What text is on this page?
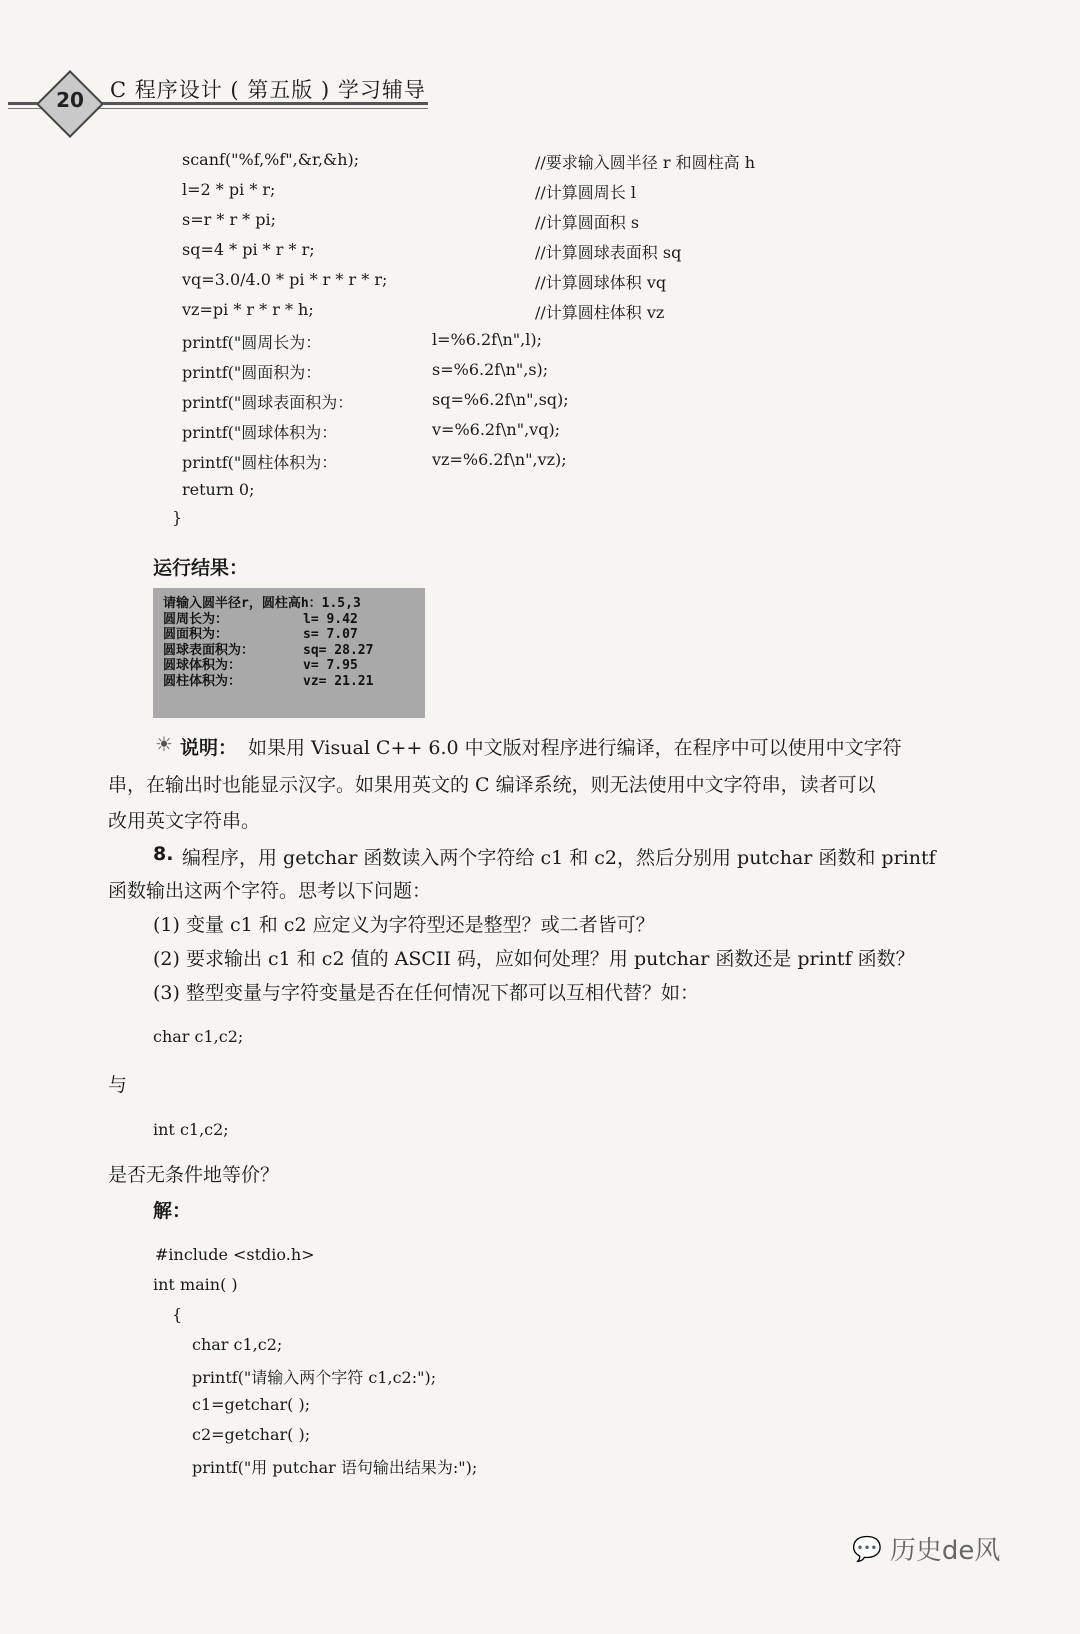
20	C 程序设计 ( 第五版 ) 学习辅导
scanf("%f,%f",&r,&h);	//要求输入圆半径 r 和圆柱高 h
l=2 * pi * r;	//计算圆周长 l
s=r * r * pi;	//计算圆面积 s
sq=4 * pi * r * r;	//计算圆球表面积 sq
vq=3.0/4.0 * pi * r * r * r;	//计算圆球体积 vq
vz=pi * r * r * h;	//计算圆柱体积 vz
printf("圆周长为：	l=%6.2f\n",l);
printf("圆面积为：	s=%6.2f\n",s);
printf("圆球表面积为：	sq=%6.2f\n",sq);
printf("圆球体积为：	v=%6.2f\n",vq);
printf("圆柱体积为：	vz=%6.2f\n",vz);
return 0;
}
运行结果：
请输入圆半径r，圆柱高h：1.5,3
圆周长为：	l= 9.42
圆面积为：	s= 7.07
圆球表面积为：	sq= 28.27
圆球体积为：	v= 7.95
圆柱体积为：	vz= 21.21
☀ 说明： 如果用 Visual C++ 6.0 中文版对程序进行编译，在程序中可以使用中文字符
串，在输出时也能显示汉字。如果用英文的 C 编译系统，则无法使用中文字符串，读者可以
改用英文字符串。
8. 编程序，用 getchar 函数读入两个字符给 c1 和 c2，然后分别用 putchar 函数和 printf
函数输出这两个字符。思考以下问题：
(1) 变量 c1 和 c2 应定义为字符型还是整型？或二者皆可？
(2) 要求输出 c1 和 c2 值的 ASCII 码，应如何处理？用 putchar 函数还是 printf 函数？
(3) 整型变量与字符变量是否在任何情况下都可以互相代替？如：
char c1,c2;
与
int c1,c2;
是否无条件地等价？
解：
#include <stdio.h>
int main( )
{
char c1,c2;
printf("请输入两个字符 c1,c2:");
c1=getchar( );
c2=getchar( );
printf("用 putchar 语句输出结果为:");
💬 历史de风
